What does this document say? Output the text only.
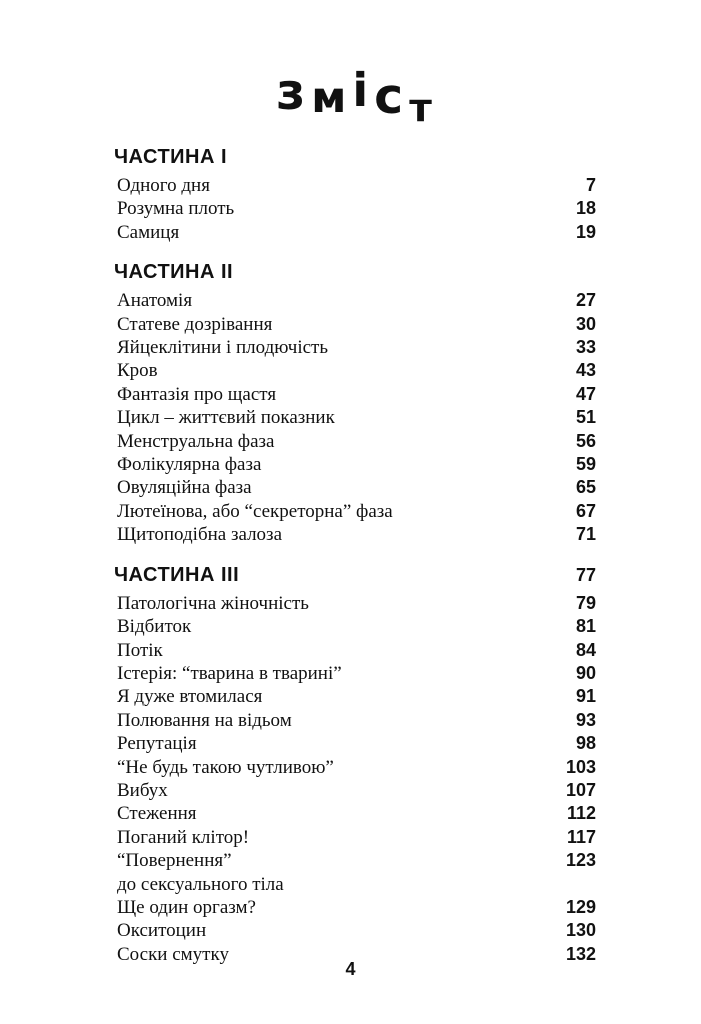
зміс т
ЧАСТИНА I
Одного дня	7
Розумна плоть	18
Самиця	19
ЧАСТИНА II
Анатомія	27
Статеве дозрівання	30
Яйцеклітини і плодючість	33
Кров	43
Фантазія про щастя	47
Цикл – життєвий показник	51
Менструальна фаза	56
Фолікулярна фаза	59
Овуляційна фаза	65
Лютеїнова, або “секреторна” фаза	67
Щитоподібна залоза	71
ЧАСТИНА III	77
Патологічна жіночність	79
Відбиток	81
Потік	84
Істерія: “тварина в тварині”	90
Я дуже втомилася	91
Полювання на відьом	93
Репутація	98
“Не будь такою чутливою”	103
Вибух	107
Стеження	112
Поганий клітор!	117
“Повернення”	123
до сексуального тіла
Ще один оргазм?	129
Окситоцин	130
Соски смутку	132
4
